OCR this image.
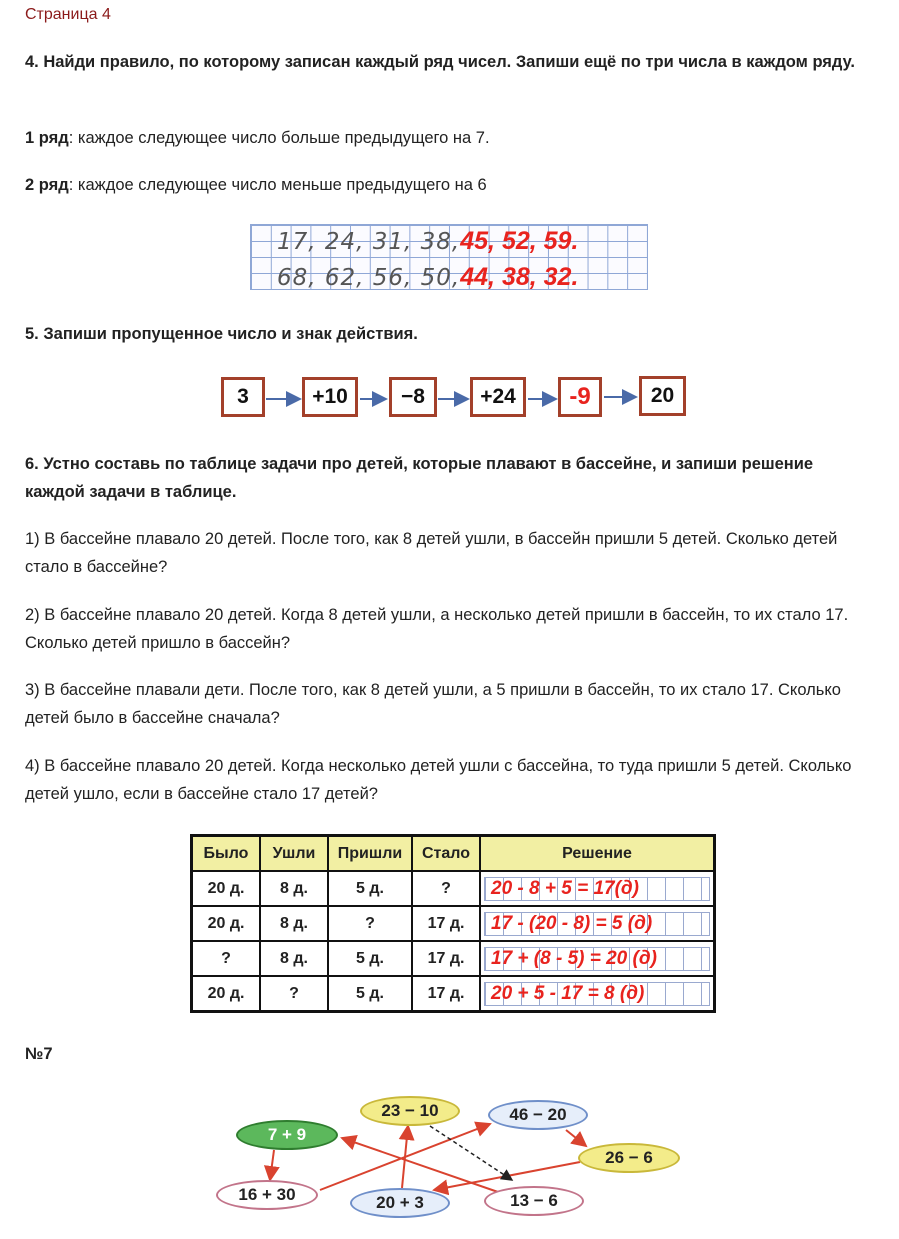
Страница 4
4. Найди правило, по которому записан каждый ряд чисел. Запиши ещё по три числа в каждом ряду.
1 ряд: каждое следующее число больше предыдущего на 7.
2 ряд: каждое следующее число меньше предыдущего на 6
17, 24, 31, 38,45, 52, 59.
68, 62, 56, 50,44, 38, 32.
5. Запиши пропущенное число и знак действия.
3	+10	−8	+24	-9	20
6. Устно составь по таблице задачи про детей, которые плавают в бассейне, и запиши решение каждой задачи в таблице.
1) В бассейне плавало 20 детей. После того, как 8 детей ушли, в бассейн пришли 5 детей. Сколько детей стало в бассейне?
2) В бассейне плавало 20 детей. Когда 8 детей ушли, а несколько детей пришли в бассейн, то их стало 17. Сколько детей пришло в бассейн?
3) В бассейне плавали дети. После того, как 8 детей ушли, а 5 пришли в бассейн, то их стало 17. Сколько детей было в бассейне сначала?
4) В бассейне плавало 20 детей. Когда несколько детей ушли с бассейна, то туда пришли 5 детей. Сколько детей ушло, если в бассейне стало 17 детей?
Было	Ушли	Пришли	Стало	Решение
20 д.	8 д.	5 д.	?	20 - 8 + 5 = 17(д)

20 д.	8 д.	?	17 д.	17 - (20 - 8) = 5 (д)

?	8 д.	5 д.	17 д.	17 + (8 - 5) = 20 (д)

20 д.	?	5 д.	17 д.	20 + 5 - 17 = 8 (д)
№7
7 + 9
16 + 30
23 − 10
20 + 3
46 − 20
26 − 6
13 − 6
